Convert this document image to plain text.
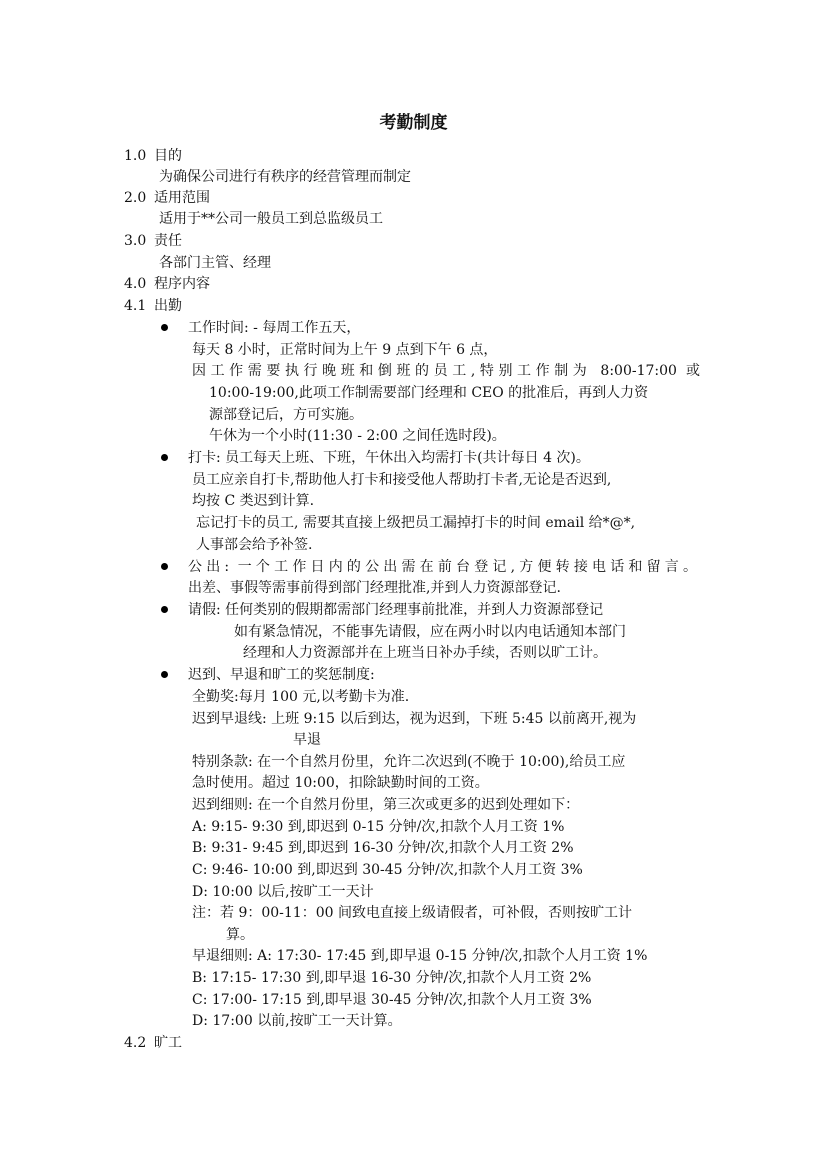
考勤制度
1.0 目的
为确保公司进行有秩序的经营管理而制定
2.0 适用范围
适用于**公司一般员工到总监级员工
3.0 责任
各部门主管、经理
4.0 程序内容
4.1 出勤
工作时间: - 每周工作五天，
每天 8 小时，正常时间为上午 9 点到下午 6 点，
因工作需要执行晚班和倒班的员工,特别工作制为 8:00-17:00 或
10:00-19:00,此项工作制需要部门经理和 CEO 的批准后，再到人力资
源部登记后，方可实施。
午休为一个小时(11:30 - 2:00 之间任选时段)。
打卡: 员工每天上班、下班，午休出入均需打卡(共计每日 4 次)。
员工应亲自打卡,帮助他人打卡和接受他人帮助打卡者,无论是否迟到,
均按 C 类迟到计算.
忘记打卡的员工, 需要其直接上级把员工漏掉打卡的时间 email 给*@*,
人事部会给予补签.
公出: 一个工作日内的公出需在前台登记,方便转接电话和留言。
出差、事假等需事前得到部门经理批准,并到人力资源部登记.
请假: 任何类别的假期都需部门经理事前批准，并到人力资源部登记
如有紧急情况，不能事先请假，应在两小时以内电话通知本部门
经理和人力资源部并在上班当日补办手续，否则以旷工计。
迟到、早退和旷工的奖惩制度:
全勤奖:每月 100 元,以考勤卡为准.
迟到早退线: 上班 9:15 以后到达，视为迟到，下班 5:45 以前离开,视为
早退
特别条款: 在一个自然月份里，允许二次迟到(不晚于 10:00),给员工应
急时使用。超过 10:00，扣除缺勤时间的工资。
迟到细则: 在一个自然月份里，第三次或更多的迟到处理如下：
A: 9:15- 9:30 到,即迟到 0-15 分钟/次,扣款个人月工资 1%
B: 9:31- 9:45 到,即迟到 16-30 分钟/次,扣款个人月工资 2%
C: 9:46- 10:00 到,即迟到 30-45 分钟/次,扣款个人月工资 3%
D: 10:00 以后,按旷工一天计
注：若 9：00-11：00 间致电直接上级请假者，可补假，否则按旷工计
算。
早退细则: A: 17:30- 17:45 到,即早退 0-15 分钟/次,扣款个人月工资 1%
B: 17:15- 17:30 到,即早退 16-30 分钟/次,扣款个人月工资 2%
C: 17:00- 17:15 到,即早退 30-45 分钟/次,扣款个人月工资 3%
D: 17:00 以前,按旷工一天计算。
4.2 旷工
